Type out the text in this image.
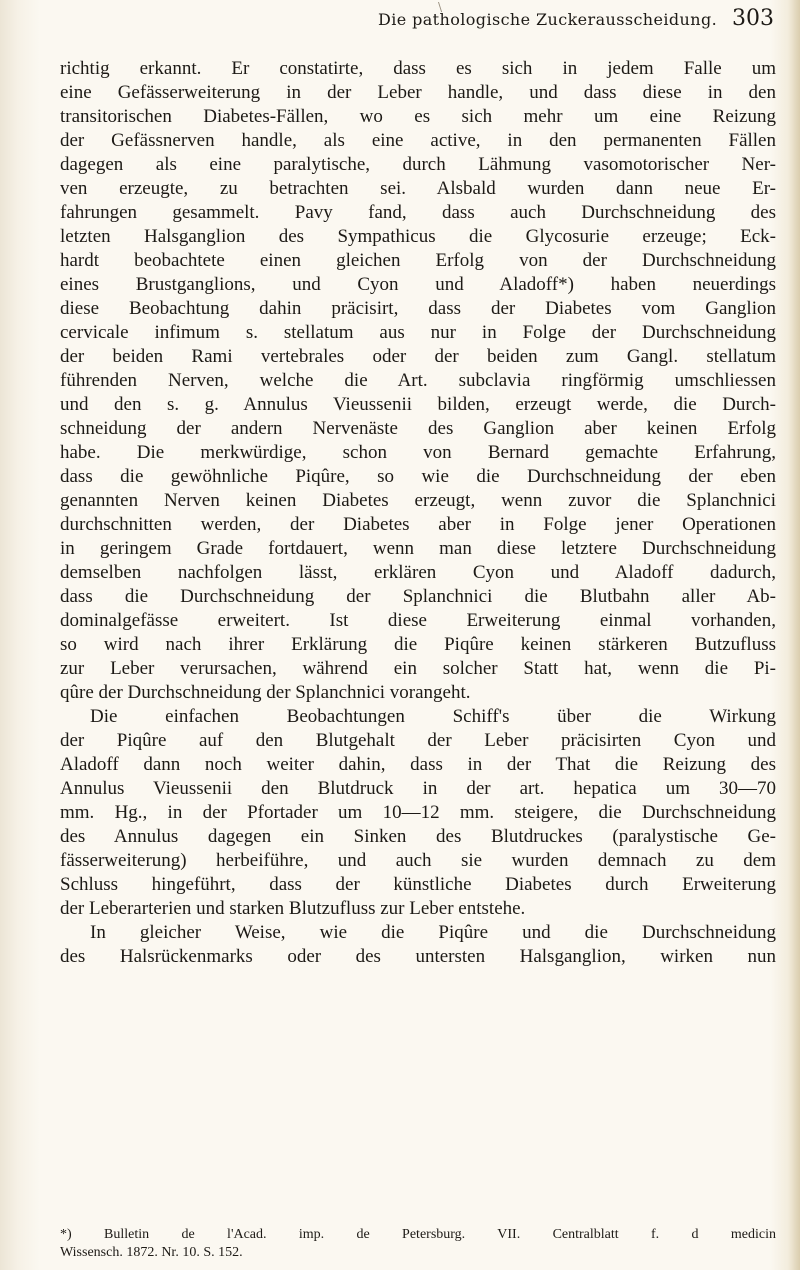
\
Die pathologische Zuckerausscheidung. 303
richtig erkannt. Er constatirte, dass es sich in jedem Falle um
eine Gefässerweiterung in der Leber handle, und dass diese in den
transitorischen Diabetes-Fällen, wo es sich mehr um eine Reizung
der Gefässnerven handle, als eine active, in den permanenten Fällen
dagegen als eine paralytische, durch Lähmung vasomotorischer Ner-
ven erzeugte, zu betrachten sei. Alsbald wurden dann neue Er-
fahrungen gesammelt. Pavy fand, dass auch Durchschneidung des
letzten Halsganglion des Sympathicus die Glycosurie erzeuge; Eck-
hardt beobachtete einen gleichen Erfolg von der Durchschneidung
eines Brustganglions, und Cyon und Aladoff*) haben neuerdings
diese Beobachtung dahin präcisirt, dass der Diabetes vom Ganglion
cervicale infimum s. stellatum aus nur in Folge der Durchschneidung
der beiden Rami vertebrales oder der beiden zum Gangl. stellatum
führenden Nerven, welche die Art. subclavia ringförmig umschliessen
und den s. g. Annulus Vieussenii bilden, erzeugt werde, die Durch-
schneidung der andern Nervenäste des Ganglion aber keinen Erfolg
habe. Die merkwürdige, schon von Bernard gemachte Erfahrung,
dass die gewöhnliche Piqûre, so wie die Durchschneidung der eben
genannten Nerven keinen Diabetes erzeugt, wenn zuvor die Splanchnici
durchschnitten werden, der Diabetes aber in Folge jener Operationen
in geringem Grade fortdauert, wenn man diese letztere Durchschneidung
demselben nachfolgen lässt, erklären Cyon und Aladoff dadurch,
dass die Durchschneidung der Splanchnici die Blutbahn aller Ab-
dominalgefässe erweitert. Ist diese Erweiterung einmal vorhanden,
so wird nach ihrer Erklärung die Piqûre keinen stärkeren Butzufluss
zur Leber verursachen, während ein solcher Statt hat, wenn die Pi-
qûre der Durchschneidung der Splanchnici vorangeht.
Die einfachen Beobachtungen Schiff's über die Wirkung
der Piqûre auf den Blutgehalt der Leber präcisirten Cyon und
Aladoff dann noch weiter dahin, dass in der That die Reizung des
Annulus Vieussenii den Blutdruck in der art. hepatica um 30—70
mm. Hg., in der Pfortader um 10—12 mm. steigere, die Durchschneidung
des Annulus dagegen ein Sinken des Blutdruckes (paralystische Ge-
fässerweiterung) herbeiführe, und auch sie wurden demnach zu dem
Schluss hingeführt, dass der künstliche Diabetes durch Erweiterung
der Leberarterien und starken Blutzufluss zur Leber entstehe.
In gleicher Weise, wie die Piqûre und die Durchschneidung
des Halsrückenmarks oder des untersten Halsganglion, wirken nun
*) Bulletin de l'Acad. imp. de Petersburg. VII. Centralblatt f. d medicin
Wissensch. 1872. Nr. 10. S. 152.
